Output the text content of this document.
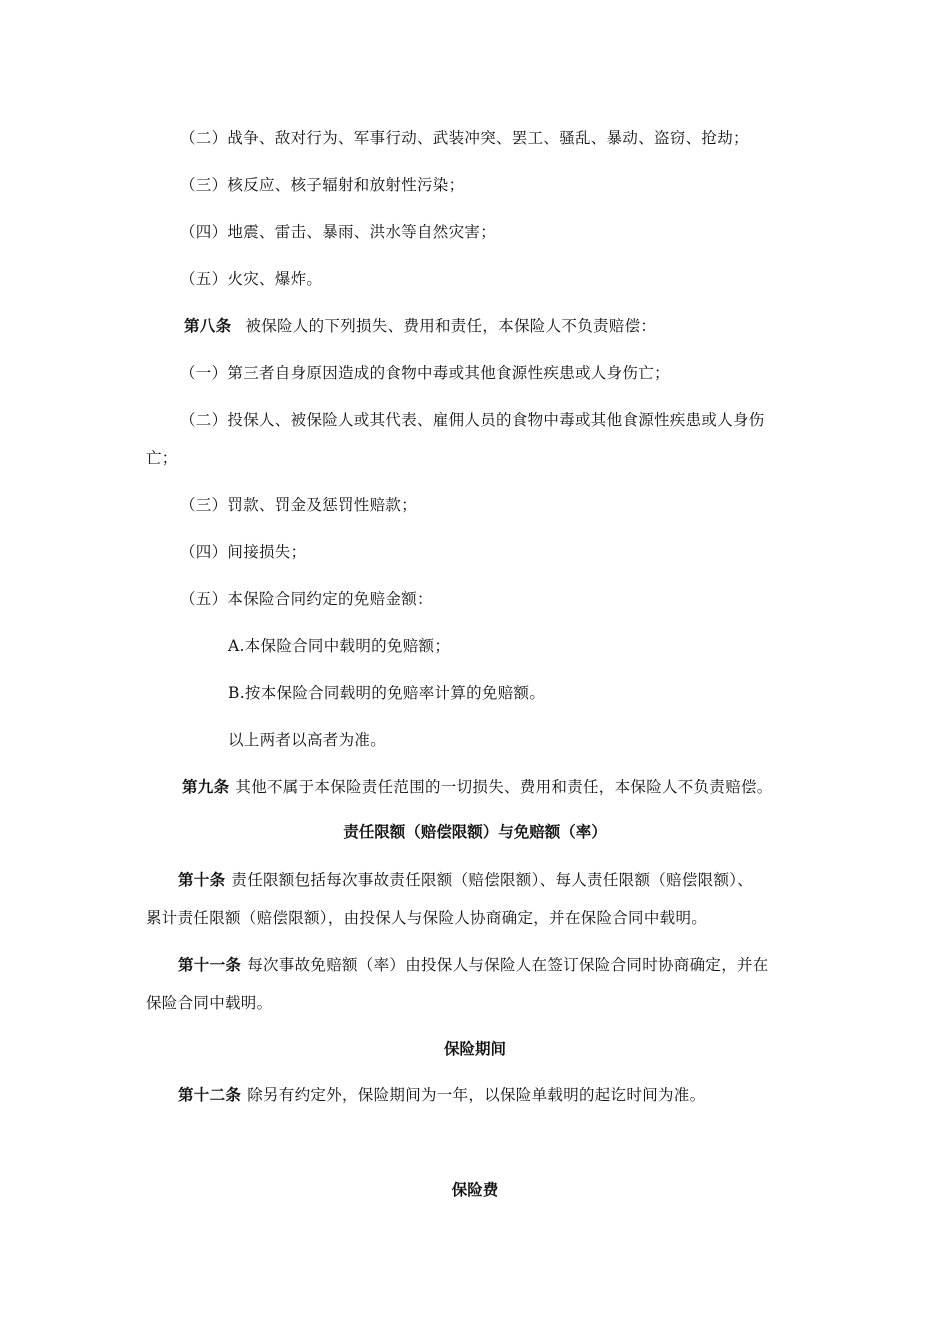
（二）战争、敌对行为、军事行动、武装冲突、罢工、骚乱、暴动、盗窃、抢劫；
（三）核反应、核子辐射和放射性污染；
（四）地震、雷击、暴雨、洪水等自然灾害；
（五）火灾、爆炸。
第八条 被保险人的下列损失、费用和责任，本保险人不负责赔偿：
（一）第三者自身原因造成的食物中毒或其他食源性疾患或人身伤亡；
（二）投保人、被保险人或其代表、雇佣人员的食物中毒或其他食源性疾患或人身伤
亡；
（三）罚款、罚金及惩罚性赔款；
（四）间接损失；
（五）本保险合同约定的免赔金额：
A.本保险合同中载明的免赔额；
B.按本保险合同载明的免赔率计算的免赔额。
以上两者以高者为准。
第九条 其他不属于本保险责任范围的一切损失、费用和责任，本保险人不负责赔偿。
责任限额（赔偿限额）与免赔额（率）
第十条 责任限额包括每次事故责任限额（赔偿限额）、每人责任限额（赔偿限额）、
累计责任限额（赔偿限额），由投保人与保险人协商确定，并在保险合同中载明。
第十一条 每次事故免赔额（率）由投保人与保险人在签订保险合同时协商确定，并在
保险合同中载明。
保险期间
第十二条 除另有约定外，保险期间为一年，以保险单载明的起讫时间为准。
保险费
